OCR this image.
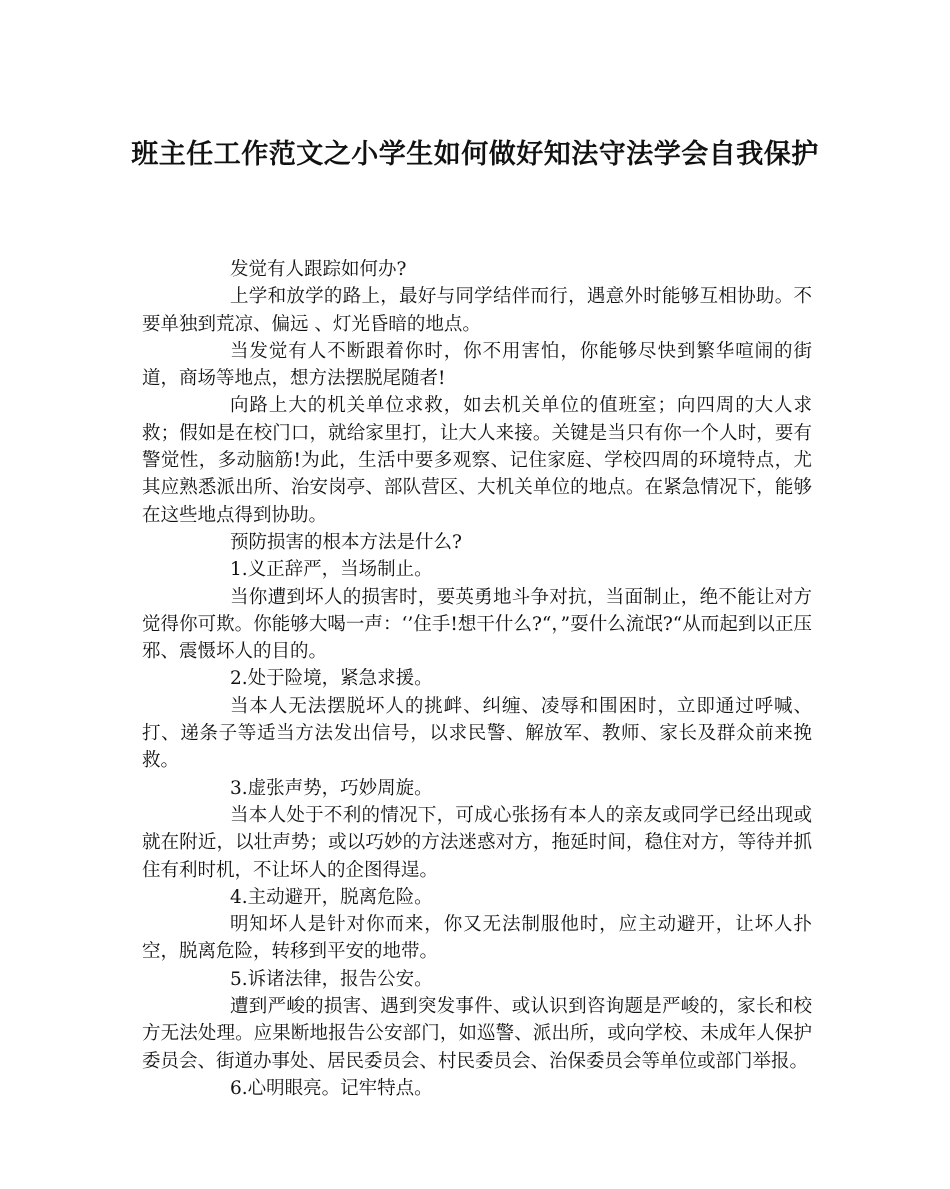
班主任工作范文之小学生如何做好知法守法学会自我保护

发觉有人跟踪如何办?

上学和放学的路上，最好与同学结伴而行，遇意外时能够互相协助。不要单独到荒凉、偏远 、灯光昏暗的地点。

当发觉有人不断跟着你时，你不用害怕，你能够尽快到繁华喧闹的街道，商场等地点，想方法摆脱尾随者!

向路上大的机关单位求救，如去机关单位的值班室；向四周的大人求救；假如是在校门口，就给家里打，让大人来接。关键是当只有你一个人时，要有警觉性，多动脑筋!为此，生活中要多观察、记住家庭、学校四周的环境特点，尤其应熟悉派出所、治安岗亭、部队营区、大机关单位的地点。在紧急情况下，能够在这些地点得到协助。

预防损害的根本方法是什么?

1.义正辞严，当场制止。

当你遭到坏人的损害时，要英勇地斗争对抗，当面制止，绝不能让对方觉得你可欺。你能够大喝一声：‘’住手!想干什么?“，”耍什么流氓?“从而起到以正压邪、震慑坏人的目的。

2.处于险境，紧急求援。

当本人无法摆脱坏人的挑衅、纠缠、凌辱和围困时，立即通过呼喊、打、递条子等适当方法发出信号，以求民警、解放军、教师、家长及群众前来挽救。

3.虚张声势，巧妙周旋。

当本人处于不利的情况下，可成心张扬有本人的亲友或同学已经出现或就在附近，以壮声势；或以巧妙的方法迷惑对方，拖延时间，稳住对方，等待并抓住有利时机，不让坏人的企图得逞。

4.主动避开，脱离危险。

明知坏人是针对你而来，你又无法制服他时，应主动避开，让坏人扑空，脱离危险，转移到平安的地带。

5.诉诸法律，报告公安。

遭到严峻的损害、遇到突发事件、或认识到咨询题是严峻的，家长和校方无法处理。应果断地报告公安部门，如巡警、派出所，或向学校、未成年人保护委员会、街道办事处、居民委员会、村民委员会、治保委员会等单位或部门举报。

6.心明眼亮。记牢特点。
